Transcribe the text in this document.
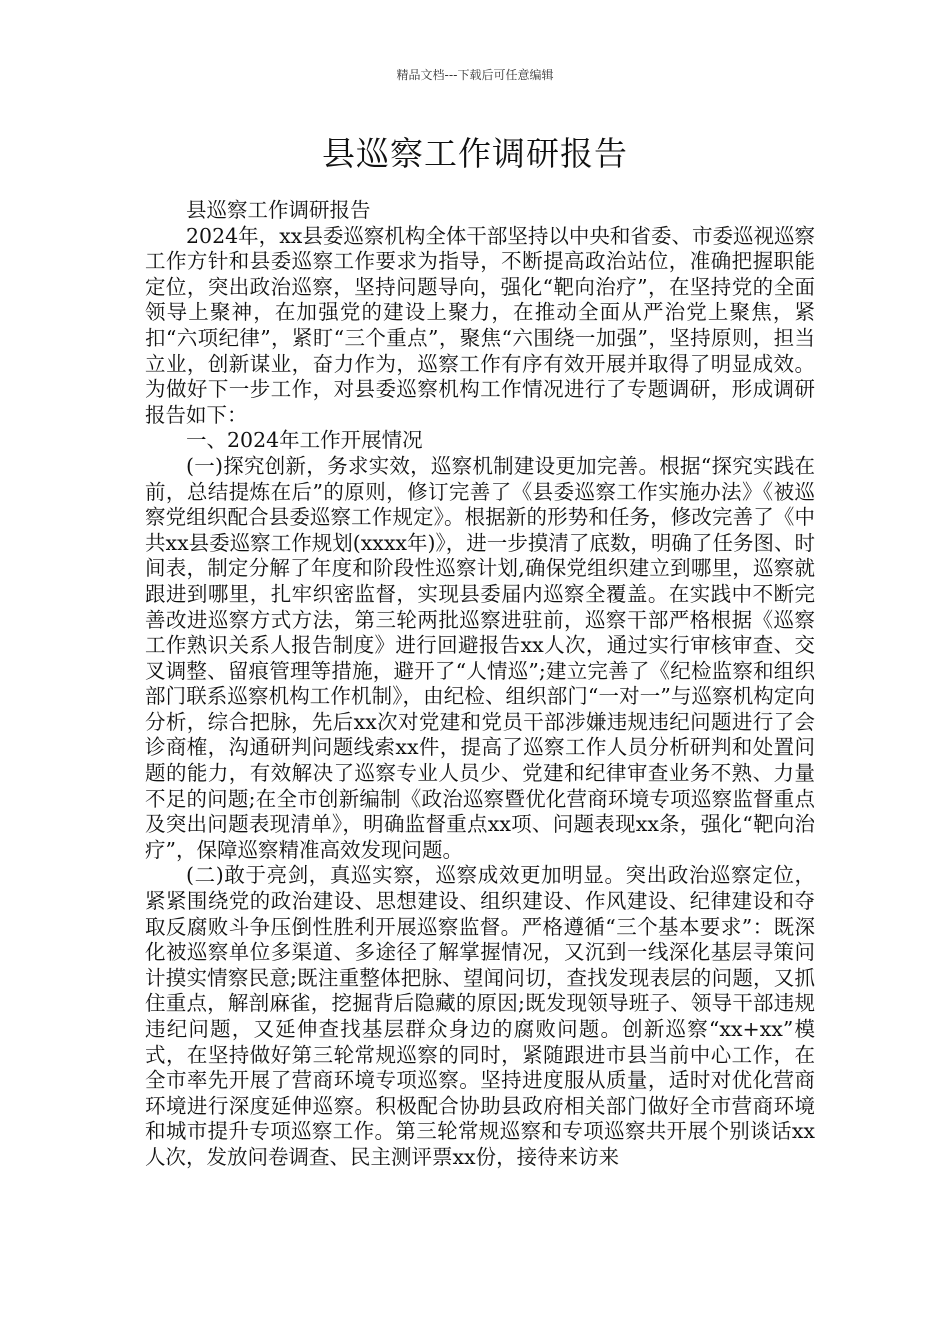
精品文档---下载后可任意编辑
县巡察工作调研报告

县巡察工作调研报告

2024年，xx县委巡察机构全体干部坚持以中央和省委、市委巡视巡察工作方针和县委巡察工作要求为指导，不断提高政治站位，准确把握职能定位，突出政治巡察，坚持问题导向，强化“靶向治疗”，在坚持党的全面领导上聚神，在加强党的建设上聚力，在推动全面从严治党上聚焦，紧扣“六项纪律”，紧盯“三个重点”，聚焦“六围绕一加强”，坚持原则，担当立业，创新谋业，奋力作为，巡察工作有序有效开展并取得了明显成效。为做好下一步工作，对县委巡察机构工作情况进行了专题调研，形成调研报告如下：

一、2024年工作开展情况

(一)探究创新，务求实效，巡察机制建设更加完善。根据“探究实践在前，总结提炼在后”的原则，修订完善了《县委巡察工作实施办法》《被巡察党组织配合县委巡察工作规定》。根据新的形势和任务，修改完善了《中共xx县委巡察工作规划(xxxx年)》，进一步摸清了底数，明确了任务图、时间表，制定分解了年度和阶段性巡察计划,确保党组织建立到哪里，巡察就跟进到哪里，扎牢织密监督，实现县委届内巡察全覆盖。在实践中不断完善改进巡察方式方法，第三轮两批巡察进驻前，巡察干部严格根据《巡察工作熟识关系人报告制度》进行回避报告xx人次，通过实行审核审查、交叉调整、留痕管理等措施，避开了“人情巡”;建立完善了《纪检监察和组织部门联系巡察机构工作机制》，由纪检、组织部门“一对一”与巡察机构定向分析，综合把脉，先后xx次对党建和党员干部涉嫌违规违纪问题进行了会诊商榷，沟通研判问题线索xx件，提高了巡察工作人员分析研判和处置问题的能力，有效解决了巡察专业人员少、党建和纪律审查业务不熟、力量不足的问题;在全市创新编制《政治巡察暨优化营商环境专项巡察监督重点及突出问题表现清单》，明确监督重点xx项、问题表现xx条，强化“靶向治疗”，保障巡察精准高效发现问题。

(二)敢于亮剑，真巡实察，巡察成效更加明显。突出政治巡察定位，紧紧围绕党的政治建设、思想建设、组织建设、作风建设、纪律建设和夺取反腐败斗争压倒性胜利开展巡察监督。严格遵循“三个基本要求”：既深化被巡察单位多渠道、多途径了解掌握情况，又沉到一线深化基层寻策问计摸实情察民意;既注重整体把脉、望闻问切，查找发现表层的问题，又抓住重点，解剖麻雀，挖掘背后隐藏的原因;既发现领导班子、领导干部违规违纪问题，又延伸查找基层群众身边的腐败问题。创新巡察“xx+xx”模式，在坚持做好第三轮常规巡察的同时，紧随跟进市县当前中心工作，在全市率先开展了营商环境专项巡察。坚持进度服从质量，适时对优化营商环境进行深度延伸巡察。积极配合协助县政府相关部门做好全市营商环境和城市提升专项巡察工作。第三轮常规巡察和专项巡察共开展个别谈话xx人次，发放问卷调查、民主测评票xx份，接待来访来
